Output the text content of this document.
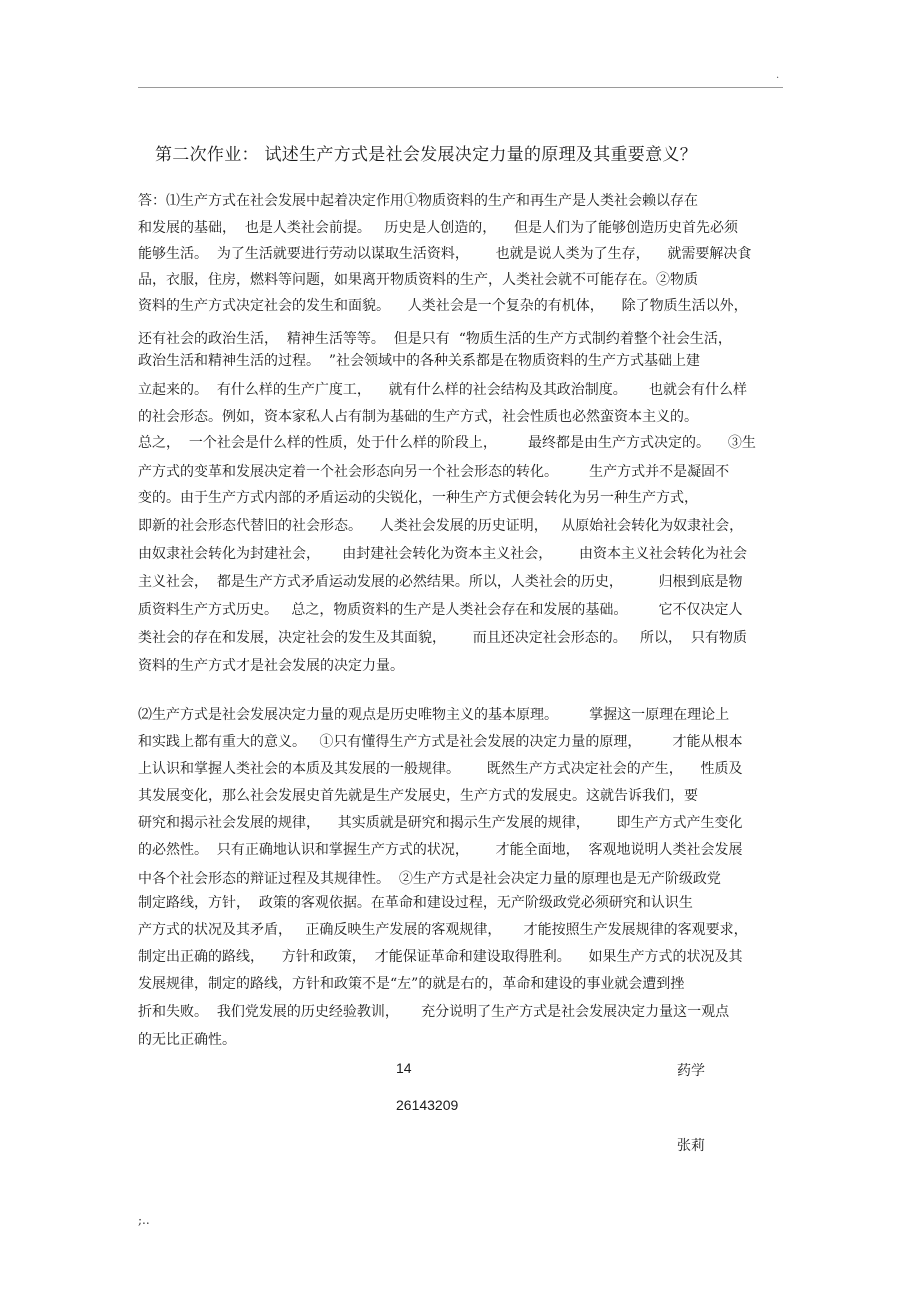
.
第二次作业： 试述生产方式是社会发展决定力量的原理及其重要意义？
答：⑴生产方式在社会发展中起着决定作用①物质资料的生产和再生产是人类社会赖以存在
和发展的基础，  也是人类社会前提。   历史是人创造的，    但是人们为了能够创造历史首先必须
能够生活。  为了生活就要进行劳动以谋取生活资料，      也就是说人类为了生存，    就需要解决食
品，衣服，住房，燃料等问题，如果离开物质资料的生产，人类社会就不可能存在。②物质
资料的生产方式决定社会的发生和面貌。    人类社会是一个复杂的有机体，    除了物质生活以外，
还有社会的政治生活，  精神生活等等。  但是只有  “物质生活的生产方式制约着整个社会生活，
政治生活和精神生活的过程。  ”社会领域中的各种关系都是在物质资料的生产方式基础上建
立起来的。  有什么样的生产广度工，    就有什么样的社会结构及其政治制度。     也就会有什么样
的社会形态。例如，资本家私人占有制为基础的生产方式，社会性质也必然蛮资本主义的。
总之，  一个社会是什么样的性质，处于什么样的阶段上，       最终都是由生产方式决定的。    ③生
产方式的变革和发展决定着一个社会形态向另一个社会形态的转化。       生产方式并不是凝固不
变的。由于生产方式内部的矛盾运动的尖锐化，一种生产方式便会转化为另一种生产方式，
即新的社会形态代替旧的社会形态。    人类社会发展的历史证明，   从原始社会转化为奴隶社会，
由奴隶社会转化为封建社会，     由封建社会转化为资本主义社会，      由资本主义社会转化为社会
主义社会，  都是生产方式矛盾运动发展的必然结果。所以，人类社会的历史，        归根到底是物
质资料生产方式历史。   总之，物质资料的生产是人类社会存在和发展的基础。       它不仅决定人
类社会的存在和发展，决定社会的发生及其面貌，      而且还决定社会形态的。   所以，  只有物质
资料的生产方式才是社会发展的决定力量。
⑵生产方式是社会发展决定力量的观点是历史唯物主义的基本原理。       掌握这一原理在理论上
和实践上都有重大的意义。   ①只有懂得生产方式是社会发展的决定力量的原理，       才能从根本
上认识和掌握人类社会的本质及其发展的一般规律。      既然生产方式决定社会的产生，    性质及
其发展变化，那么社会发展史首先就是生产发展史，生产方式的发展史。这就告诉我们，要
研究和揭示社会发展的规律，    其实质就是研究和揭示生产发展的规律，      即生产方式产生变化
的必然性。  只有正确地认识和掌握生产方式的状况，      才能全面地，  客观地说明人类社会发展
中各个社会形态的辩证过程及其规律性。  ②生产方式是社会决定力量的原理也是无产阶级政党
制定路线，方针，  政策的客观依据。在革命和建设过程，无产阶级政党必须研究和认识生
产方式的状况及其矛盾，   正确反映生产发展的客观规律，     才能按照生产发展规律的客观要求，
制定出正确的路线，    方针和政策，  才能保证革命和建设取得胜利。    如果生产方式的状况及其
发展规律，制定的路线，方针和政策不是“左”的就是右的，革命和建设的事业就会遭到挫
折和失败。  我们党发展的历史经验教训，     充分说明了生产方式是社会发展决定力量这一观点
的无比正确性。
14	药学
26143209
张莉
;..
